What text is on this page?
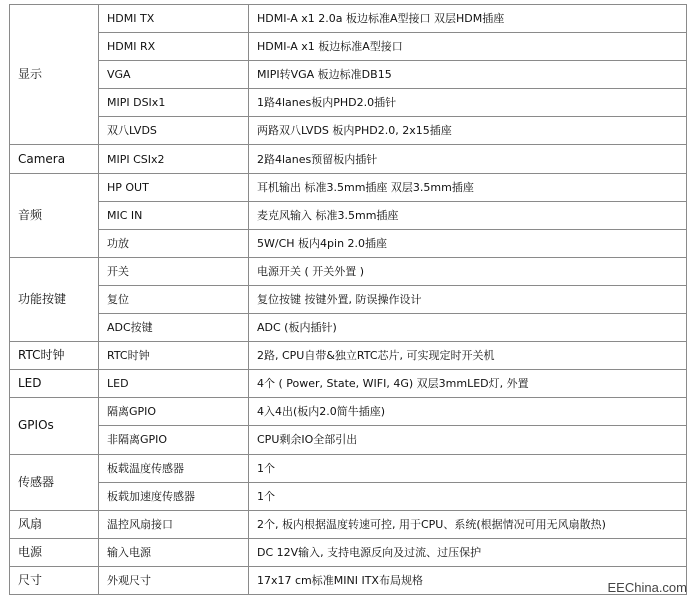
显示	HDMI TX	HDMI-A x1 2.0a 板边标准A型接口 双层HDM插座
	HDMI RX	HDMI-A x1 板边标准A型接口
	VGA	MIPI转VGA 板边标准DB15
	MIPI DSIx1	1路4lanes板内PHD2.0插针
	双八LVDS	两路双八LVDS 板内PHD2.0, 2x15插座
Camera	MIPI CSIx2	2路4lanes预留板内插针
音频	HP OUT	耳机输出 标准3.5mm插座 双层3.5mm插座
	MIC IN	麦克风输入 标准3.5mm插座
	功放	5W/CH 板内4pin 2.0插座
功能按键	开关	电源开关 ( 开关外置 )
	复位	复位按键 按键外置, 防误操作设计
	ADC按键	ADC (板内插针)
RTC时钟	RTC时钟	2路, CPU自带&独立RTC芯片, 可实现定时开关机
LED	LED	4个 ( Power, State, WIFI, 4G) 双层3mmLED灯, 外置
GPIOs	隔离GPIO	4入4出(板内2.0简牛插座)
	非隔离GPIO	CPU剩余IO全部引出
传感器	板载温度传感器	1个
	板载加速度传感器	1个
风扇	温控风扇接口	2个, 板内根据温度转速可控, 用于CPU、系统(根据情况可用无风扇散热)
电源	输入电源	DC 12V输入, 支持电源反向及过流、过压保护
尺寸	外观尺寸	17x17 cm标准MINI ITX布局规格	EEChina.com
